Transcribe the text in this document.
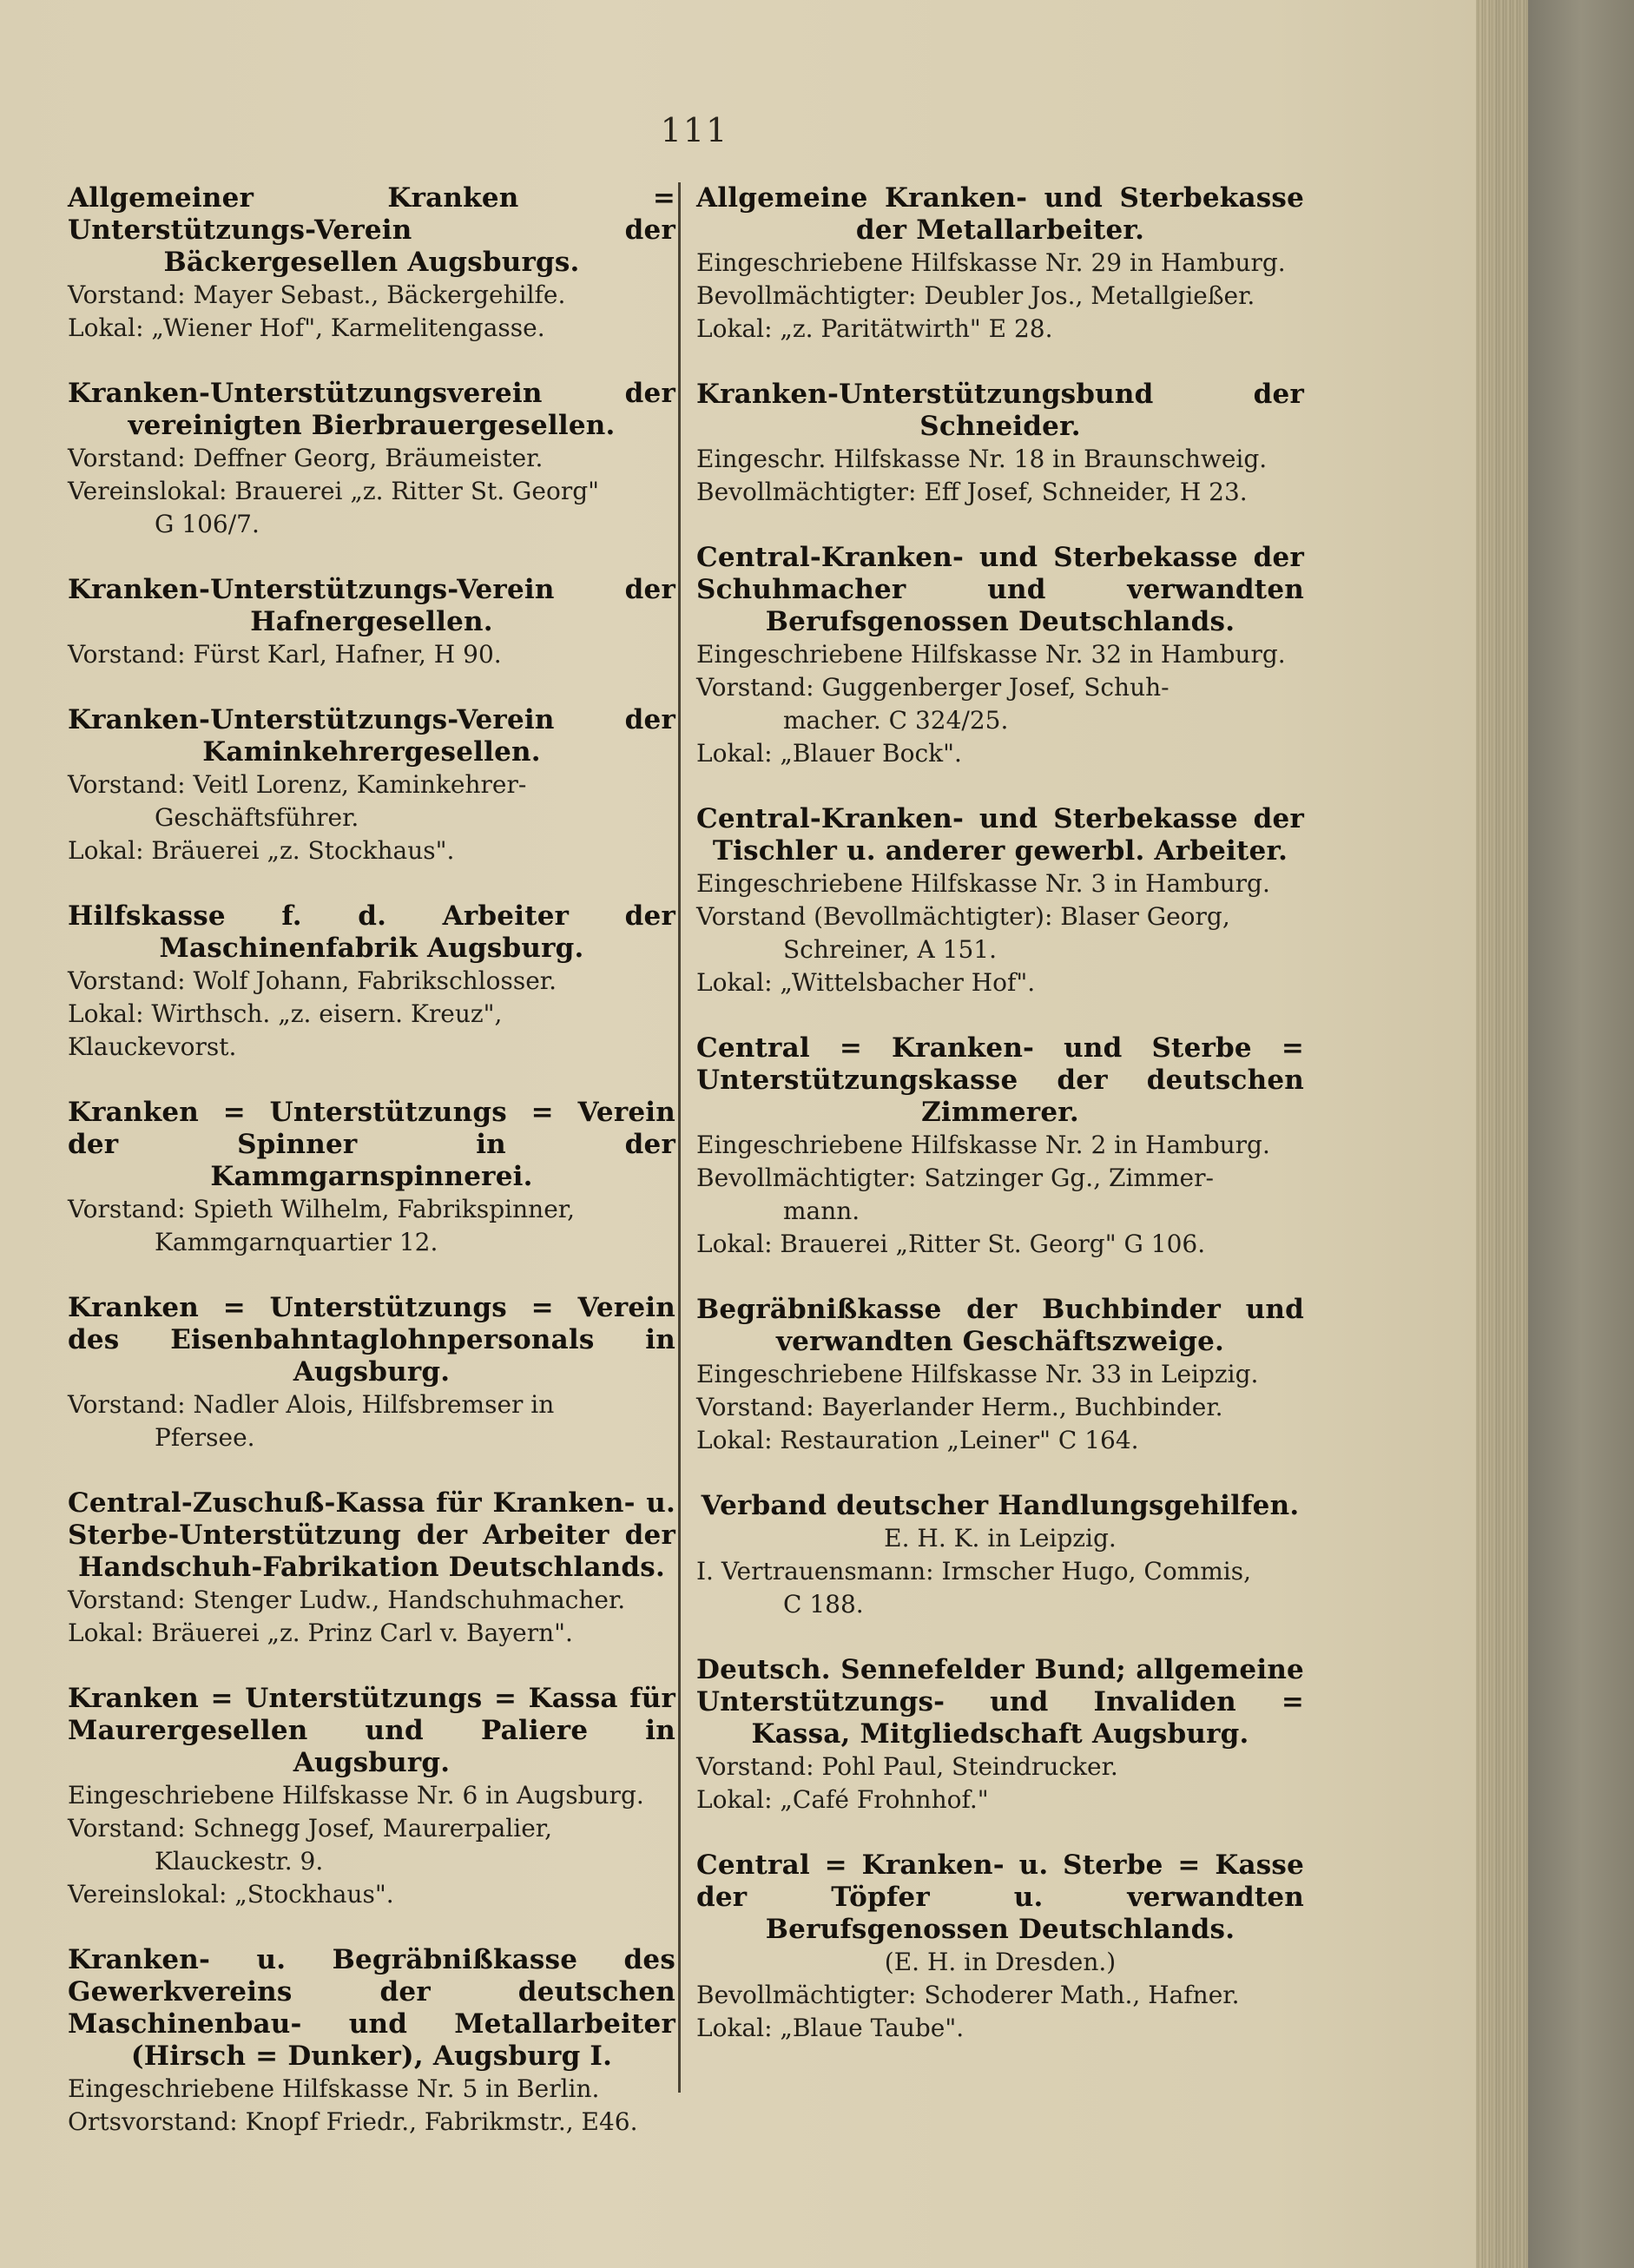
111
Allgemeiner Kranken = Unterstützungs-Verein der Bäckergesellen Augsburgs.
Vorstand: Mayer Sebast., Bäckergehilfe.
Lokal: „Wiener Hof", Karmelitengasse.
Kranken-Unterstützungsverein der vereinigten Bierbrauergesellen.
Vorstand: Deffner Georg, Bräumeister.
Vereinslokal: Brauerei „z. Ritter St. Georg"
G 106/7.
Kranken-Unterstützungs-Verein der Hafnergesellen.
Vorstand: Fürst Karl, Hafner, H 90.
Kranken-Unterstützungs-Verein der Kaminkehrergesellen.
Vorstand: Veitl Lorenz, Kaminkehrer-
Geschäftsführer.
Lokal: Bräuerei „z. Stockhaus".
Hilfskasse f. d. Arbeiter der Maschinenfabrik Augsburg.
Vorstand: Wolf Johann, Fabrikschlosser.
Lokal: Wirthsch. „z. eisern. Kreuz", Klauckevorst.
Kranken = Unterstützungs = Verein der Spinner in der Kammgarnspinnerei.
Vorstand: Spieth Wilhelm, Fabrikspinner,
Kammgarnquartier 12.
Kranken = Unterstützungs = Verein des Eisenbahntaglohnpersonals in Augsburg.
Vorstand: Nadler Alois, Hilfsbremser in
Pfersee.
Central-Zuschuß-Kassa für Kranken- u. Sterbe-Unterstützung der Arbeiter der Handschuh-Fabrikation Deutschlands.
Vorstand: Stenger Ludw., Handschuhmacher.
Lokal: Bräuerei „z. Prinz Carl v. Bayern".
Kranken = Unterstützungs = Kassa für Maurergesellen und Paliere in Augsburg.
Eingeschriebene Hilfskasse Nr. 6 in Augsburg.
Vorstand: Schnegg Josef, Maurerpalier,
Klauckestr. 9.
Vereinslokal: „Stockhaus".
Kranken- u. Begräbnißkasse des Gewerkvereins der deutschen Maschinenbau- und Metallarbeiter (Hirsch = Dunker), Augsburg I.
Eingeschriebene Hilfskasse Nr. 5 in Berlin.
Ortsvorstand: Knopf Friedr., Fabrikmstr., E46.
Allgemeine Kranken- und Sterbekasse der Metallarbeiter.
Eingeschriebene Hilfskasse Nr. 29 in Hamburg.
Bevollmächtigter: Deubler Jos., Metallgießer.
Lokal: „z. Paritätwirth" E 28.
Kranken-Unterstützungsbund der Schneider.
Eingeschr. Hilfskasse Nr. 18 in Braunschweig.
Bevollmächtigter: Eff Josef, Schneider, H 23.
Central-Kranken- und Sterbekasse der Schuhmacher und verwandten Berufsgenossen Deutschlands.
Eingeschriebene Hilfskasse Nr. 32 in Hamburg.
Vorstand: Guggenberger Josef, Schuh-
macher. C 324/25.
Lokal: „Blauer Bock".
Central-Kranken- und Sterbekasse der Tischler u. anderer gewerbl. Arbeiter.
Eingeschriebene Hilfskasse Nr. 3 in Hamburg.
Vorstand (Bevollmächtigter): Blaser Georg,
Schreiner, A 151.
Lokal: „Wittelsbacher Hof".
Central = Kranken- und Sterbe = Unterstützungskasse der deutschen Zimmerer.
Eingeschriebene Hilfskasse Nr. 2 in Hamburg.
Bevollmächtigter: Satzinger Gg., Zimmer-
mann.
Lokal: Brauerei „Ritter St. Georg" G 106.
Begräbnißkasse der Buchbinder und verwandten Geschäftszweige.
Eingeschriebene Hilfskasse Nr. 33 in Leipzig.
Vorstand: Bayerlander Herm., Buchbinder.
Lokal: Restauration „Leiner" C 164.
Verband deutscher Handlungsgehilfen.
E. H. K. in Leipzig.
I. Vertrauensmann: Irmscher Hugo, Commis,
C 188.
Deutsch. Sennefelder Bund; allgemeine Unterstützungs- und Invaliden = Kassa, Mitgliedschaft Augsburg.
Vorstand: Pohl Paul, Steindrucker.
Lokal: „Café Frohnhof."
Central = Kranken- u. Sterbe = Kasse der Töpfer u. verwandten Berufsgenossen Deutschlands.
(E. H. in Dresden.)
Bevollmächtigter: Schoderer Math., Hafner.
Lokal: „Blaue Taube".
